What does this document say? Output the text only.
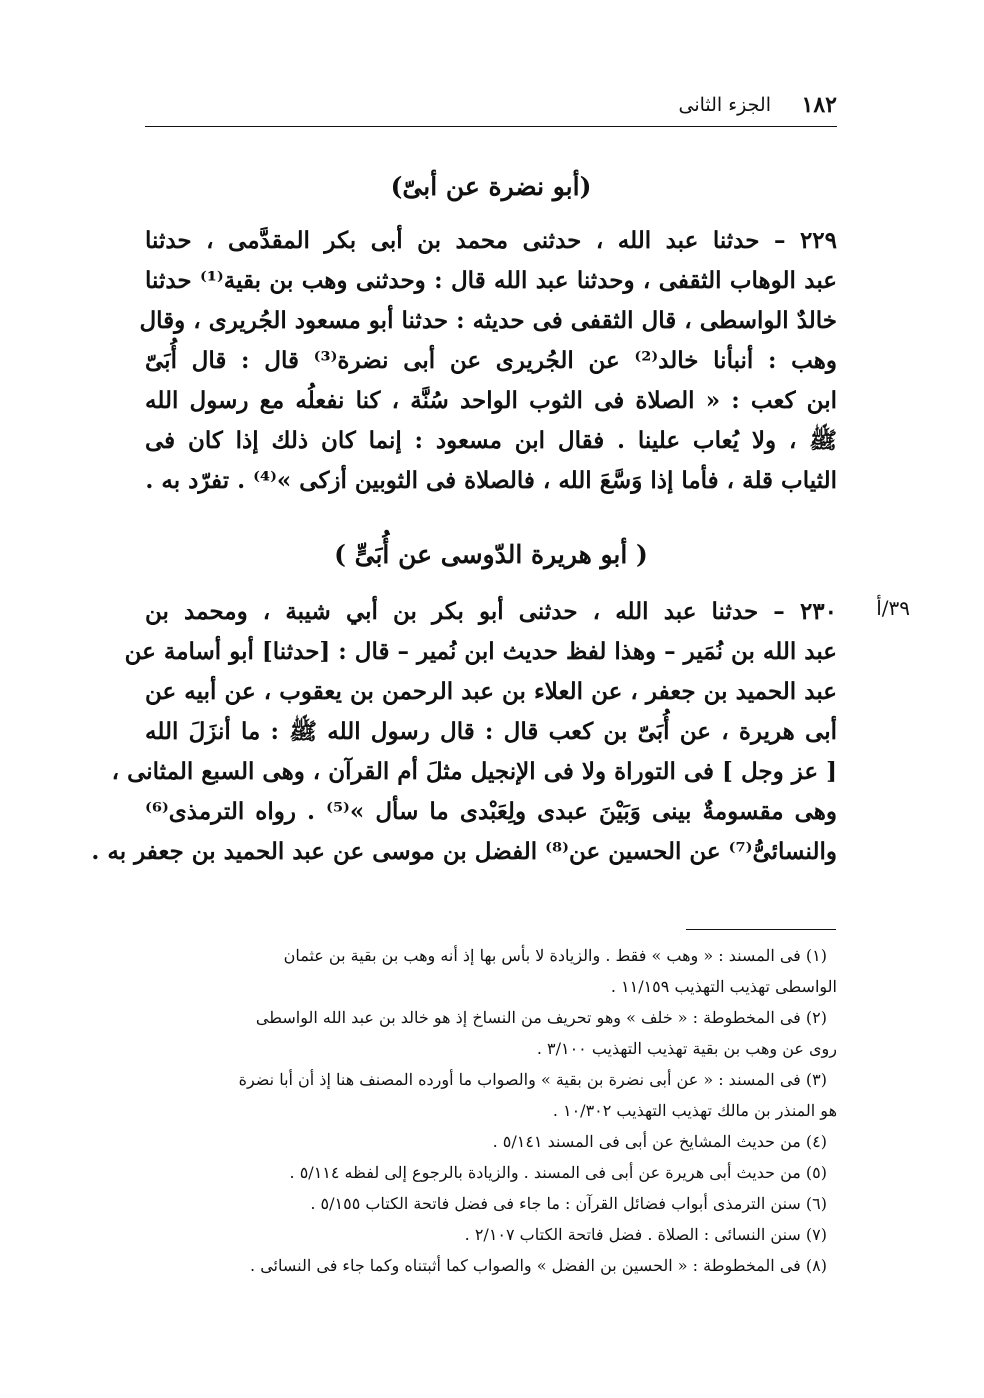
١٨٢
الجزء الثانى
(أبو نضرة عن أبىّ)
٢٢٩ – حدثنا عبد الله ، حدثنى محمد بن أبى بكر المقدَّمى ، حدثنا
عبد الوهاب الثقفى ، وحدثنا عبد الله قال : وحدثنى وهب بن بقية⁽¹⁾ حدثنا
خالدٌ الواسطى ، قال الثقفى فى حديثه : حدثنا أبو مسعود الجُريرى ، وقال
وهب : أنبأنا خالد⁽²⁾ عن الجُريرى عن أبى نضرة⁽³⁾ قال : قال أُبَىّ
ابن كعب : « الصلاة فى الثوب الواحد سُنَّة ، كنا نفعلُه مع رسول الله
ﷺ ، ولا يُعاب علينا . فقال ابن مسعود : إنما كان ذلك إذا كان فى
الثياب قلة ، فأما إذا وَسَّعَ الله ، فالصلاة فى الثوبين أزكى »⁽⁴⁾ . تفرّد به .
( أبو هريرة الدّوسى عن أُبَىٍّ )
٣٩/أ
٢٣٠ – حدثنا عبد الله ، حدثنى أبو بكر بن أبي شيبة ، ومحمد بن
عبد الله بن نُمَير – وهذا لفظ حديث ابن نُمير – قال : [حدثنا] أبو أسامة عن
عبد الحميد بن جعفر ، عن العلاء بن عبد الرحمن بن يعقوب ، عن أبيه عن
أبى هريرة ، عن أُبَىّ بن كعب قال : قال رسول الله ﷺ : ما أنزَلَ الله
[ عز وجل ] فى التوراة ولا فى الإنجيل مثلَ أم القرآن ، وهى السبع المثانى ،
وهى مقسومةٌ بينى وَبَيْنَ عبدى ولِعَبْدى ما سأل »⁽⁵⁾ . رواه الترمذى⁽⁶⁾
والنسائىُّ⁽⁷⁾ عن الحسين عن⁽⁸⁾ الفضل بن موسى عن عبد الحميد بن جعفر به .
(١) فى المسند : « وهب » فقط . والزيادة لا بأس بها إذ أنه وهب بن بقية بن عثمان
الواسطى تهذيب التهذيب ١١/١٥٩ .
(٢) فى المخطوطة : « خلف » وهو تحريف من النساخ إذ هو خالد بن عبد الله الواسطى
روى عن وهب بن بقية تهذيب التهذيب ٣/١٠٠ .
(٣) فى المسند : « عن أبى نضرة بن بقية » والصواب ما أورده المصنف هنا إذ أن أبا نضرة
هو المنذر بن مالك تهذيب التهذيب ١٠/٣٠٢ .
(٤) من حديث المشايخ عن أبى فى المسند ٥/١٤١ .
(٥) من حديث أبى هريرة عن أبى فى المسند . والزيادة بالرجوع إلى لفظه ٥/١١٤ .
(٦) سنن الترمذى أبواب فضائل القرآن : ما جاء فى فضل فاتحة الكتاب ٥/١٥٥ .
(٧) سنن النسائى : الصلاة . فضل فاتحة الكتاب ٢/١٠٧ .
(٨) فى المخطوطة : « الحسين بن الفضل » والصواب كما أثبتناه وكما جاء فى النسائى .
